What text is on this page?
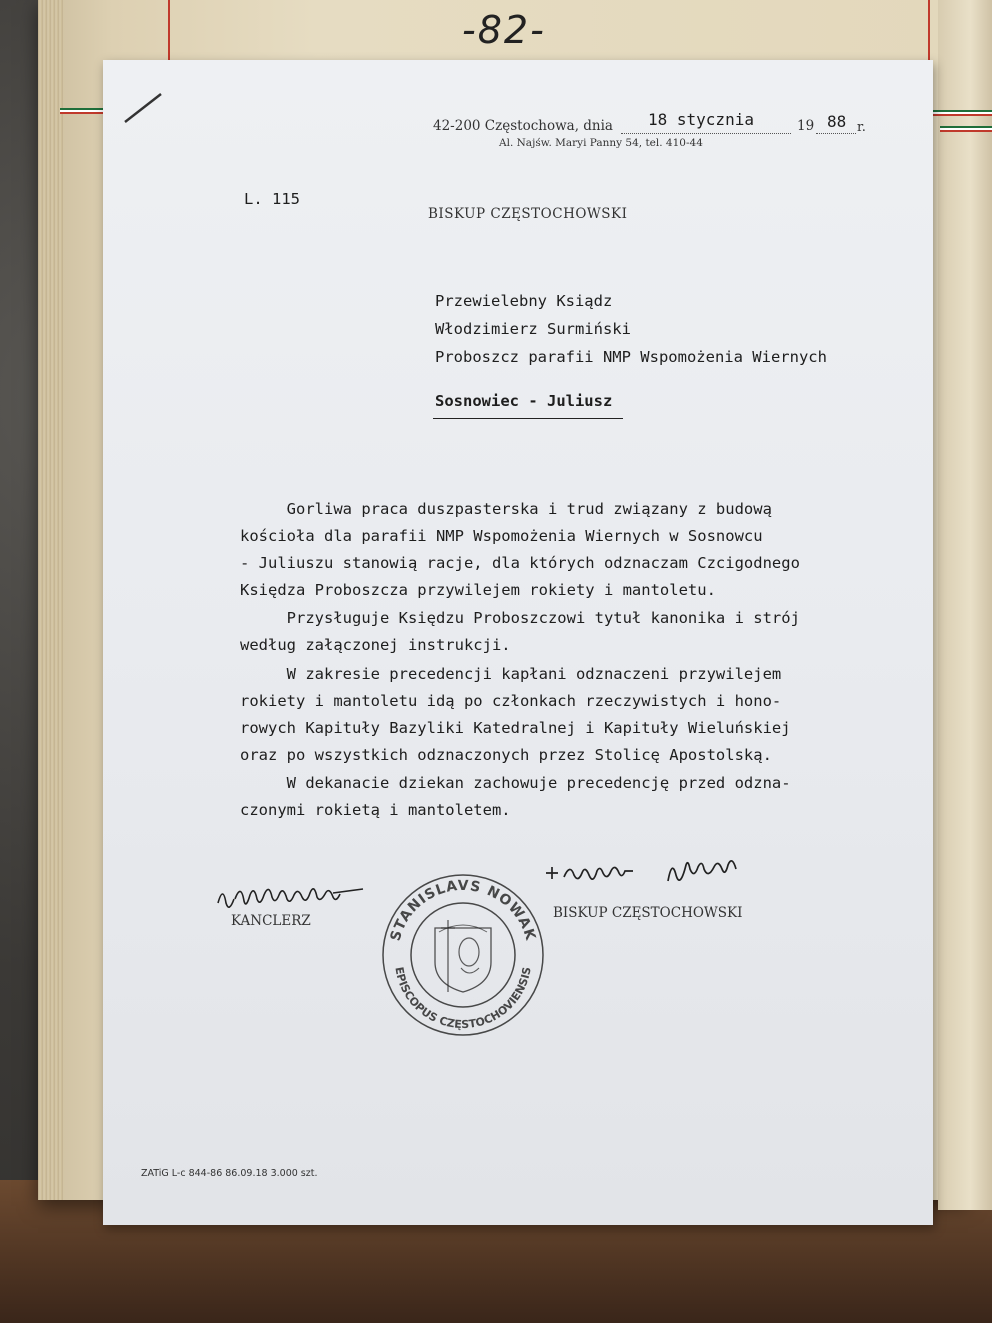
-82-
42-200 Częstochowa, dnia 18 stycznia	19 88 r.
Al. Najśw. Maryi Panny 54, tel. 410-44
L. 115
BISKUP CZĘSTOCHOWSKI
Przewielebny Ksiądz
Włodzimierz Surmiński
Proboszcz parafii NMP Wspomożenia Wiernych
Sosnowiec - Juliusz
Gorliwa praca duszpasterska i trud związany z budową
kościoła dla parafii NMP Wspomożenia Wiernych w Sosnowcu
- Juliuszu stanowią racje, dla których odznaczam Czcigodnego
Księdza Proboszcza przywilejem rokiety i mantoletu.
Przysługuje Księdzu Proboszczowi tytuł kanonika i strój
według załączonej instrukcji.
W zakresie precedencji kapłani odznaczeni przywilejem
rokiety i mantoletu idą po członkach rzeczywistych i hono-
rowych Kapituły Bazyliki Katedralnej i Kapituły Wieluńskiej
oraz po wszystkich odznaczonych przez Stolicę Apostolską.
W dekanacie dziekan zachowuje precedencję przed odzna-
czonymi rokietą i mantoletem.
KANCLERZ	BISKUP CZĘSTOCHOWSKI
STANISLAVS NOWAK
EPISCOPUS CZĘSTOCHOVIENSIS
ZATiG L-c 844-86 86.09.18 3.000 szt.
